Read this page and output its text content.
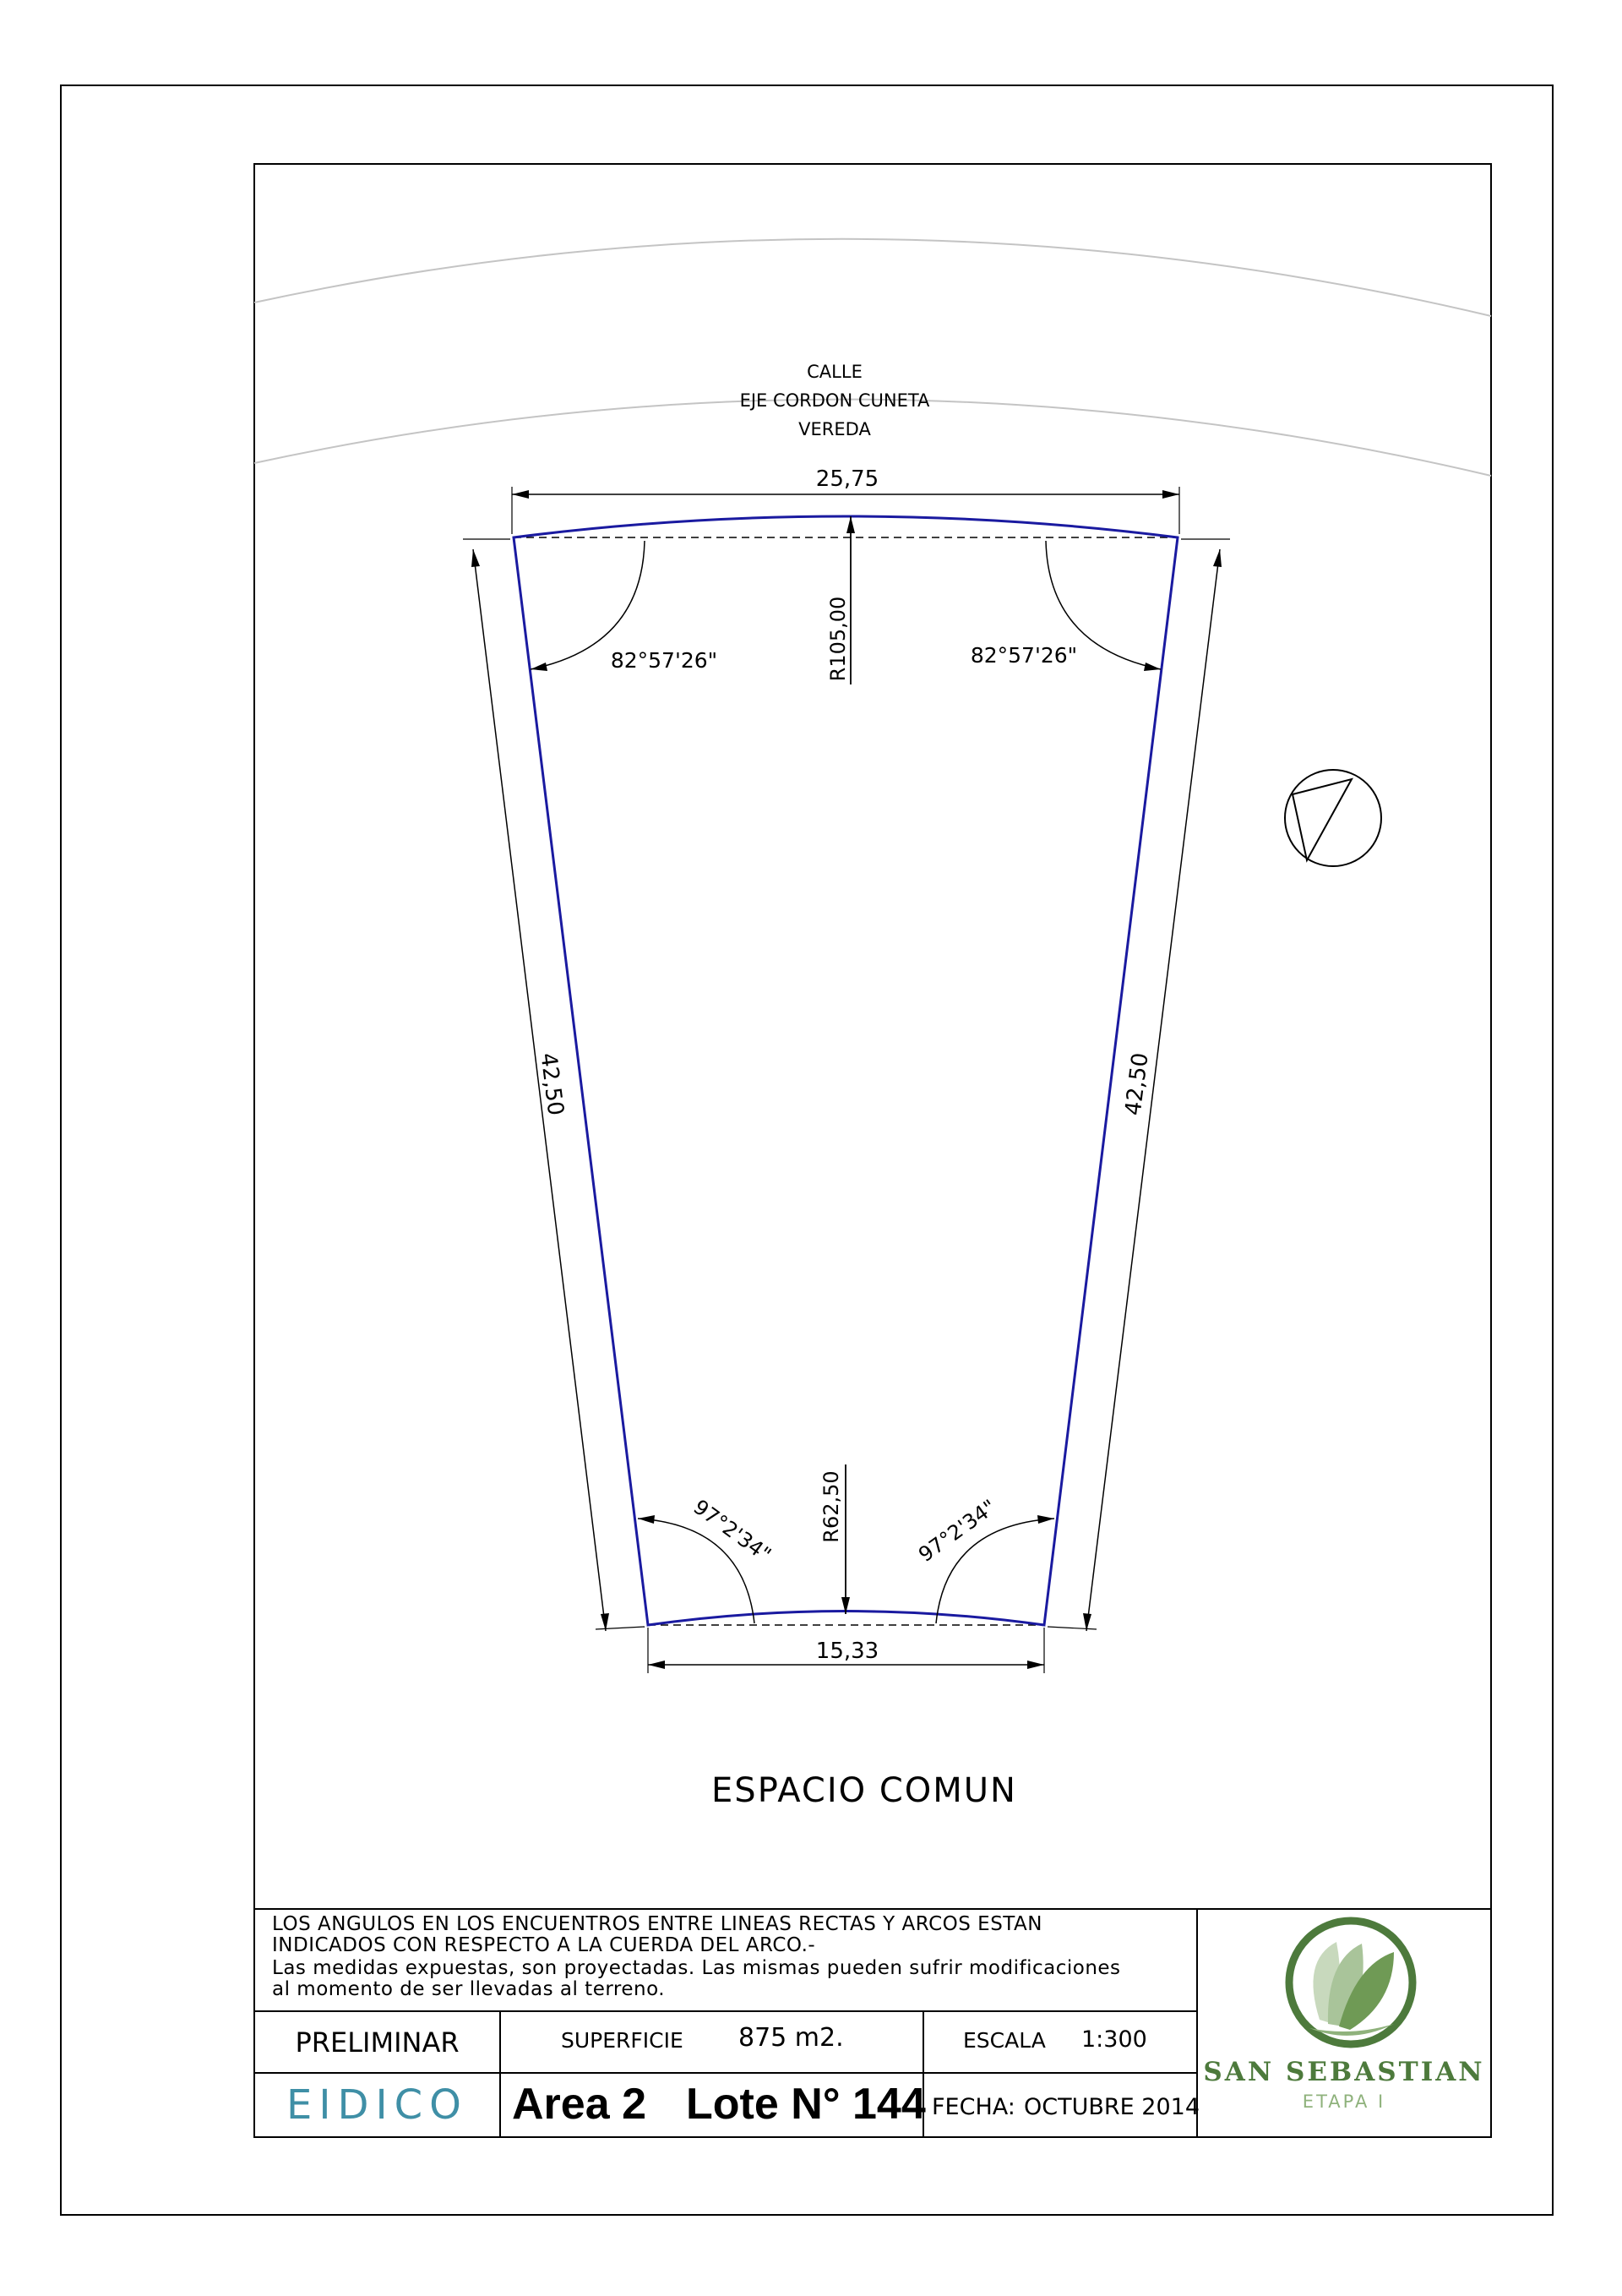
CALLE
EJE CORDON CUNETA
VEREDA
25,75
42,50	42,50
R105,00
R62,50
82°57'26"	82°57'26"
97°2'34"	97°2'34"
15,33
ESPACIO COMUN
LOS ANGULOS EN LOS ENCUENTROS ENTRE LINEAS RECTAS Y ARCOS ESTAN
INDICADOS CON RESPECTO A LA CUERDA DEL ARCO.-
Las medidas expuestas, son proyectadas. Las mismas pueden sufrir modificaciones
al momento de ser llevadas al terreno.
PRELIMINAR	SUPERFICIE 875 m2.	ESCALA 1:300
EIDICO	Area 2 Lote N° 144 FECHA: OCTUBRE 2014
SAN SEBASTIAN
ETAPA I
